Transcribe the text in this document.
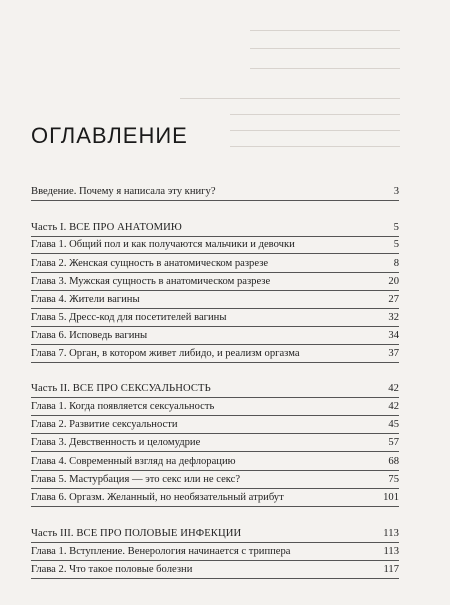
ОГЛАВЛЕНИЕ
Введение. Почему я написала эту книгу?	3
Часть I. ВСЕ ПРО АНАТОМИЮ	5
Глава 1. Общий пол и как получаются мальчики и девочки	5
Глава 2. Женская сущность в анатомическом разрезе	8
Глава 3. Мужская сущность в анатомическом разрезе	20
Глава 4. Жители вагины	27
Глава 5. Дресс-код для посетителей вагины	32
Глава 6. Исповедь вагины	34
Глава 7. Орган, в котором живет либидо, и реализм оргазма	37
Часть II. ВСЕ ПРО СЕКСУАЛЬНОСТЬ	42
Глава 1. Когда появляется сексуальность	42
Глава 2. Развитие сексуальности	45
Глава 3. Девственность и целомудрие	57
Глава 4. Современный взгляд на дефлорацию	68
Глава 5. Мастурбация — это секс или не секс?	75
Глава 6. Оргазм. Желанный, но необязательный атрибут	101
Часть III. ВСЕ ПРО ПОЛОВЫЕ ИНФЕКЦИИ	113
Глава 1. Вступление. Венерология начинается с триппера	113
Глава 2. Что такое половые болезни	117
